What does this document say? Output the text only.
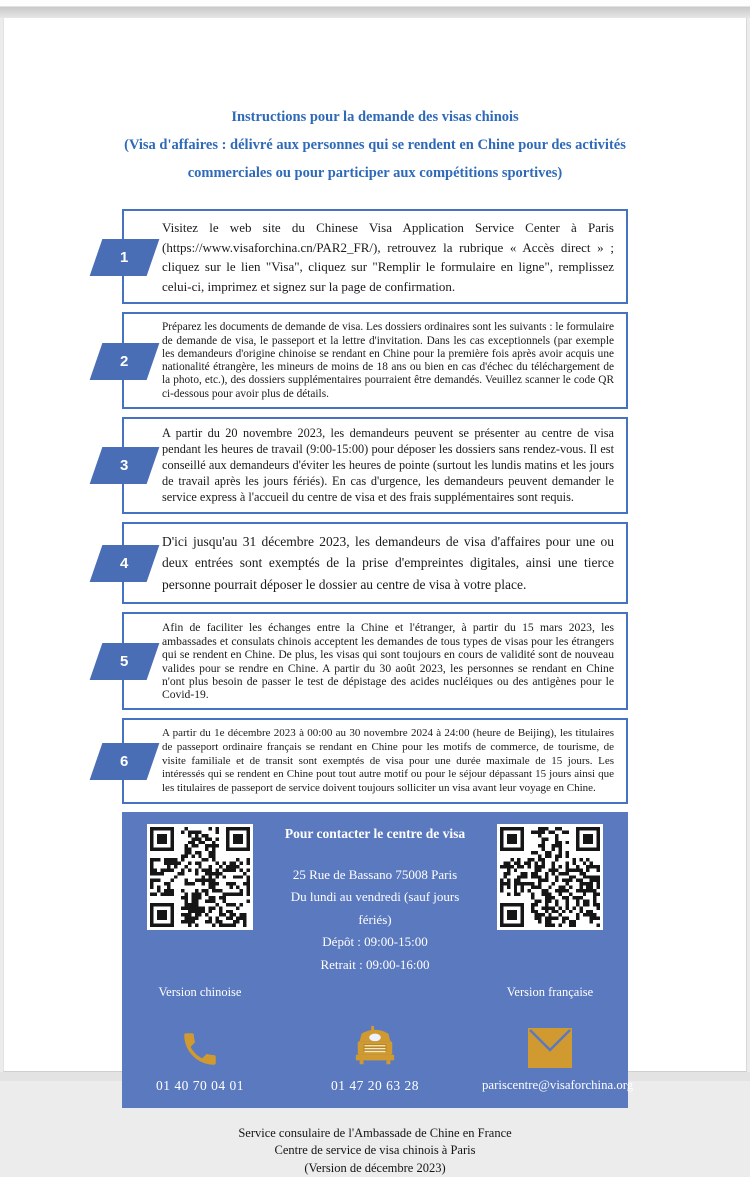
Instructions pour la demande des visas chinois
(Visa d'affaires : délivré aux personnes qui se rendent en Chine pour des activités
commerciales ou pour participer aux compétitions sportives)
1
Visitez le web site du Chinese Visa Application Service Center à Paris (https://www.visaforchina.cn/PAR2_FR/), retrouvez la rubrique « Accès direct » ; cliquez sur le lien "Visa", cliquez sur "Remplir le formulaire en ligne", remplissez celui-ci, imprimez et signez sur la page de confirmation.
2
Préparez les documents de demande de visa. Les dossiers ordinaires sont les suivants : le formulaire de demande de visa, le passeport et la lettre d'invitation. Dans les cas exceptionnels (par exemple les demandeurs d'origine chinoise se rendant en Chine pour la première fois après avoir acquis une nationalité étrangère, les mineurs de moins de 18 ans ou bien en cas d'échec du téléchargement de la photo, etc.), des dossiers supplémentaires pourraient être demandés. Veuillez scanner le code QR ci-dessous pour avoir plus de détails.
3
A partir du 20 novembre 2023, les demandeurs peuvent se présenter au centre de visa pendant les heures de travail (9:00-15:00) pour déposer les dossiers sans rendez-vous. Il est conseillé aux demandeurs d'éviter les heures de pointe (surtout les lundis matins et les jours de travail après les jours fériés). En cas d'urgence, les demandeurs peuvent demander le service express à l'accueil du centre de visa et des frais supplémentaires sont requis.
4
D'ici jusqu'au 31 décembre 2023, les demandeurs de visa d'affaires pour une ou deux entrées sont exemptés de la prise d'empreintes digitales, ainsi une tierce personne pourrait déposer le dossier au centre de visa à votre place.
5
Afin de faciliter les échanges entre la Chine et l'étranger, à partir du 15 mars 2023, les ambassades et consulats chinois acceptent les demandes de tous types de visas pour les étrangers qui se rendent en Chine. De plus, les visas qui sont toujours en cours de validité sont de nouveau valides pour se rendre en Chine. A partir du 30 août 2023, les personnes se rendant en Chine n'ont plus besoin de passer le test de dépistage des acides nucléiques ou des antigènes pour le Covid-19.
6
A partir du 1e décembre 2023 à 00:00 au 30 novembre 2024 à 24:00 (heure de Beijing), les titulaires de passeport ordinaire français se rendant en Chine pour les motifs de commerce, de tourisme, de visite familiale et de transit sont exemptés de visa pour une durée maximale de 15 jours. Les intéressés qui se rendent en Chine pout tout autre motif ou pour le séjour dépassant 15 jours ainsi que les titulaires de passeport de service doivent toujours solliciter un visa avant leur voyage en Chine.
Pour contacter le centre de visa
25 Rue de Bassano 75008 Paris
Du lundi au vendredi (sauf jours fériés)
Dépôt : 09:00-15:00
Retrait : 09:00-16:00
Version chinoise	Version française
01 40 70 04 01	01 47 20 63 28	pariscentre@visaforchina.org
Service consulaire de l'Ambassade de Chine en France
Centre de service de visa chinois à Paris
(Version de décembre 2023)
